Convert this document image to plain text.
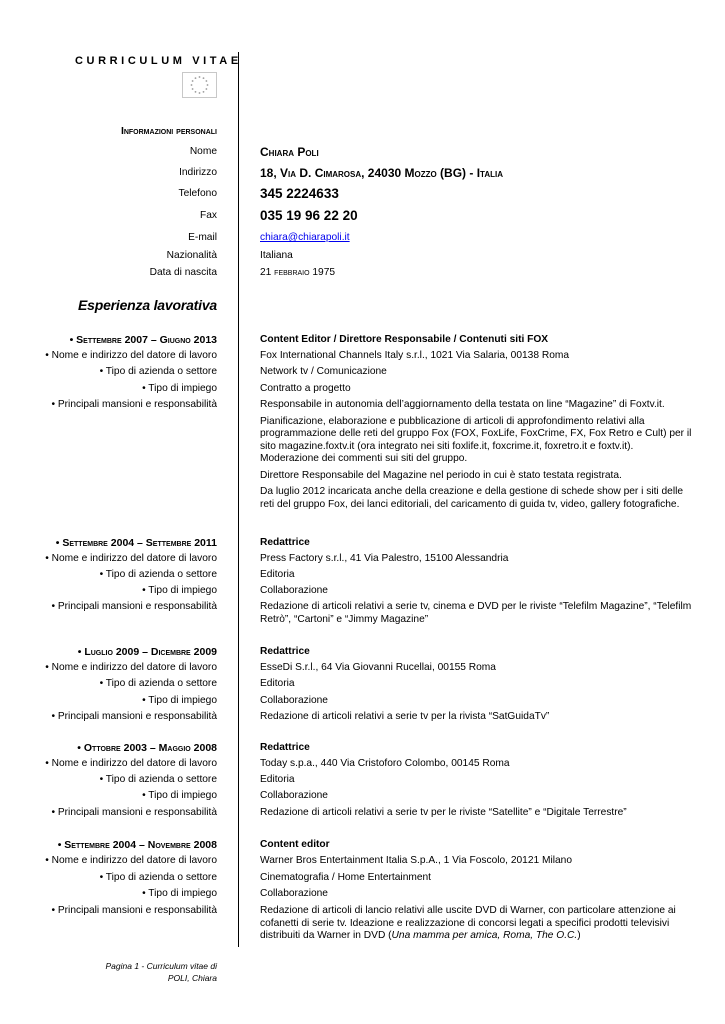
CURRICULUM VITAE
Informazioni personali
Nome	Chiara Poli
Indirizzo	18, Via D. Cimarosa, 24030 Mozzo (BG) - Italia
Telefono	345 2224633
Fax	035 19 96 22 20
E-mail	chiara@chiarapoli.it
Nazionalità	Italiana
Data di nascita	21 febbraio 1975
Esperienza lavorativa
• Settembre 2007 – Giugno 2013	Content Editor / Direttore Responsabile / Contenuti siti FOX
• Nome e indirizzo del datore di lavoro	Fox International Channels Italy s.r.l., 1021 Via Salaria, 00138 Roma
• Tipo di azienda o settore	Network tv / Comunicazione
• Tipo di impiego	Contratto a progetto
• Principali mansioni e responsabilità	Responsabile in autonomia dell’aggiornamento della testata on line “Magazine” di Foxtv.it.
Pianificazione, elaborazione e pubblicazione di articoli di approfondimento relativi alla programmazione delle reti del gruppo Fox (FOX, FoxLife, FoxCrime, FX, Fox Retro e Cult) per il sito magazine.foxtv.it (ora integrato nei siti foxlife.it, foxcrime.it, foxretro.it e foxtv.it). Moderazione dei commenti sui siti del gruppo.
Direttore Responsabile del Magazine nel periodo in cui è stato testata registrata.
Da luglio 2012 incaricata anche della creazione e della gestione di schede show per i siti delle reti del gruppo Fox, dei lanci editoriali, del caricamento di guida tv, video, gallery fotografiche.
• Settembre 2004 – Settembre 2011	Redattrice
• Nome e indirizzo del datore di lavoro	Press Factory s.r.l., 41 Via Palestro, 15100 Alessandria
• Tipo di azienda o settore	Editoria
• Tipo di impiego	Collaborazione
• Principali mansioni e responsabilità	Redazione di articoli relativi a serie tv, cinema e DVD per le riviste “Telefilm Magazine”, “Telefilm Retrò”, “Cartoni” e “Jimmy Magazine”
• Luglio 2009 – Dicembre 2009	Redattrice
• Nome e indirizzo del datore di lavoro	EsseDi S.r.l., 64 Via Giovanni Rucellai, 00155 Roma
• Tipo di azienda o settore	Editoria
• Tipo di impiego	Collaborazione
• Principali mansioni e responsabilità	Redazione di articoli relativi a serie tv per la rivista “SatGuidaTv”
• Ottobre 2003 – Maggio 2008	Redattrice
• Nome e indirizzo del datore di lavoro	Today s.p.a., 440 Via Cristoforo Colombo, 00145 Roma
• Tipo di azienda o settore	Editoria
• Tipo di impiego	Collaborazione
• Principali mansioni e responsabilità	Redazione di articoli relativi a serie tv per le riviste “Satellite” e “Digitale Terrestre”
• Settembre 2004 – Novembre 2008	Content editor
• Nome e indirizzo del datore di lavoro	Warner Bros Entertainment Italia S.p.A., 1 Via Foscolo, 20121 Milano
• Tipo di azienda o settore	Cinematografia / Home Entertainment
• Tipo di impiego	Collaborazione
• Principali mansioni e responsabilità	Redazione di articoli di lancio relativi alle uscite DVD di Warner, con particolare attenzione ai cofanetti di serie tv. Ideazione e realizzazione di concorsi legati a specifici prodotti televisivi distribuiti da Warner in DVD (Una mamma per amica, Roma, The O.C.)
Pagina 1 - Curriculum vitae di
POLI, Chiara
